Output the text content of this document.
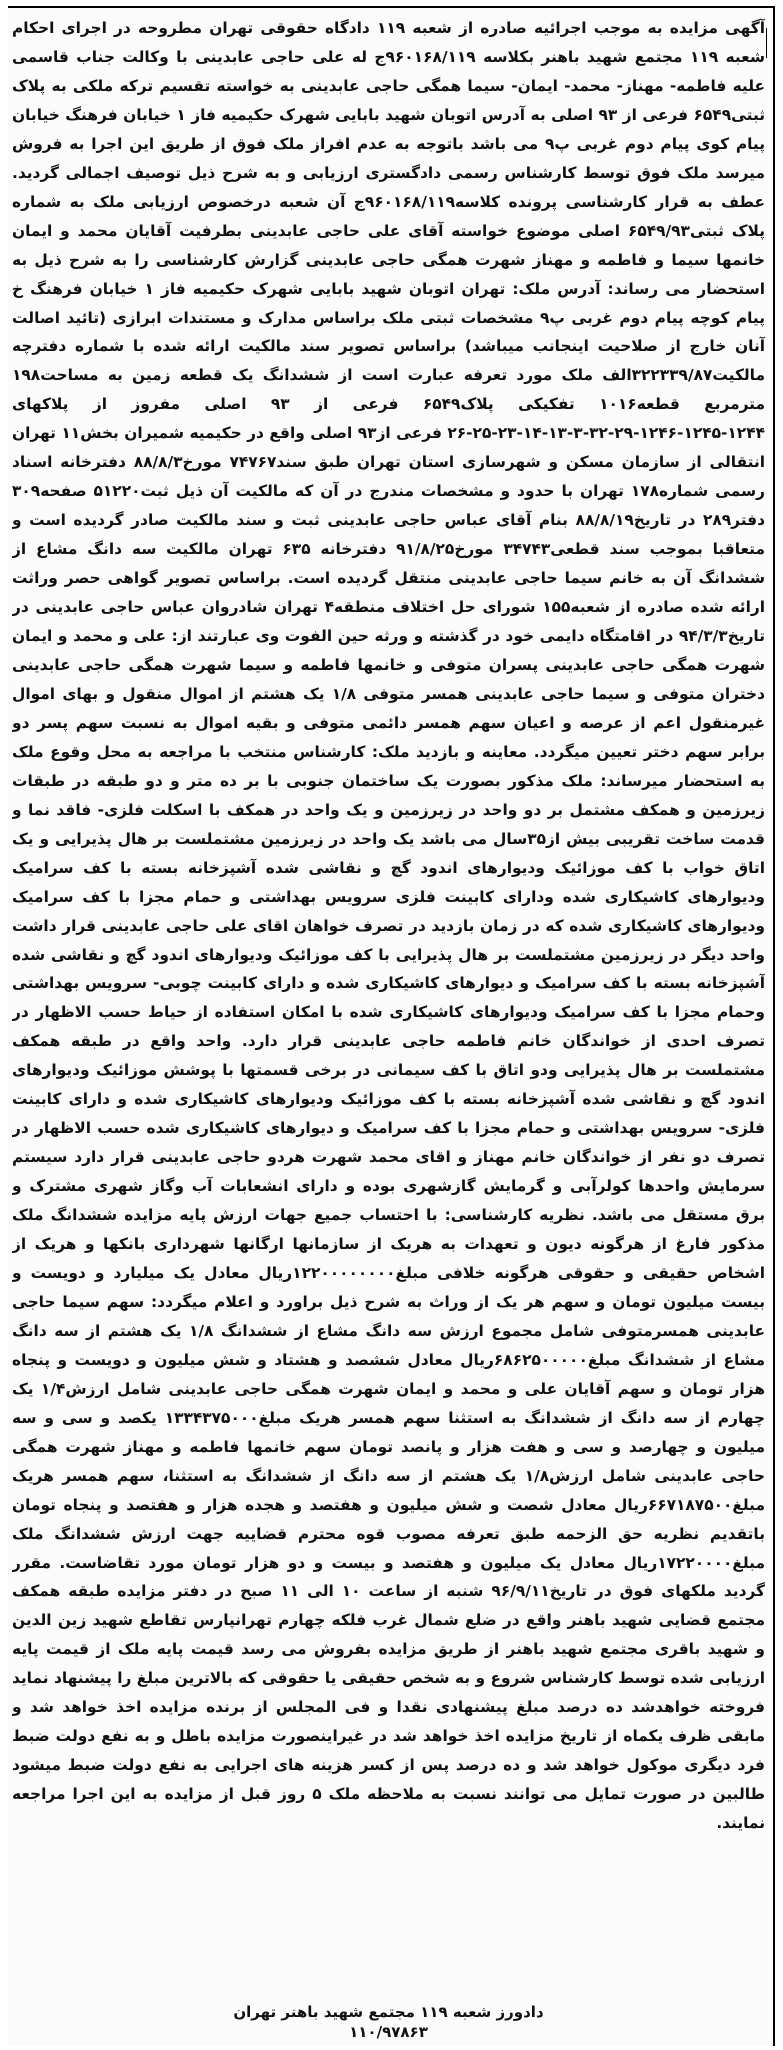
آگهی مزایده به موجب اجرائیه صادره از شعبه ۱۱۹ دادگاه حقوقی تهران مطروحه در اجرای احکام شعبه ۱۱۹ مجتمع شهید باهنر بکلاسه ۹۶۰۱۶۸/۱۱۹ج له علی حاجی عابدینی با وکالت جناب قاسمی علیه فاطمه- مهناز- محمد- ایمان- سیما همگی حاجی عابدینی به خواسته تقسیم ترکه ملکی به پلاک ثبتی۶۵۴۹ فرعی از ۹۳ اصلی به آدرس اتوبان شهید بابایی شهرک حکیمیه فاز ۱ خیابان فرهنگ خیابان پیام کوی پیام دوم غربی پ۹ می باشد باتوجه به عدم افراز ملک فوق از طریق این اجرا به فروش میرسد ملک فوق توسط کارشناس رسمی دادگستری ارزیابی و به شرح ذیل توصیف اجمالی گردید. عطف به قرار کارشناسی پرونده کلاسه۹۶۰۱۶۸/۱۱۹ج آن شعبه درخصوص ارزیابی ملک به شماره پلاک ثبتی۶۵۴۹/۹۳ اصلی موضوع خواسته آقای علی حاجی عابدینی بطرفیت آقایان محمد و ایمان خانمها سیما و فاطمه و مهناز شهرت همگی حاجی عابدینی گزارش کارشناسی را به شرح ذیل به استحضار می رساند: آدرس ملک: تهران اتوبان شهید بابایی شهرک حکیمیه فاز ۱ خیابان فرهنگ خ پیام کوچه پیام دوم غربی پ۹ مشخصات ثبتی ملک براساس مدارک و مستندات ابرازی (تائید اصالت آنان خارج از صلاحیت اینجانب میباشد) براساس تصویر سند مالکیت ارائه شده با شماره دفترچه مالکیت۳۲۲۳۳۹/۸۷الف ملک مورد تعرفه عبارت است از ششدانگ یک قطعه زمین به مساحت۱۹۸ مترمربع قطعه۱۰۱۶ تفکیکی پلاک۶۵۴۹ فرعی از ۹۳ اصلی مفروز از پلاکهای ۱۲۴۴-۱۲۴۵-۱۲۴۶-۲۹-۳۲-۳-۱۳-۱۴-۲۳-۲۵-۲۶ فرعی از۹۳ اصلی واقع در حکیمیه شمیران بخش۱۱ تهران انتقالی از سازمان مسکن و شهرسازی استان تهران طبق سند۷۴۷۶۷ مورخ۸۸/۸/۳ دفترخانه اسناد رسمی شماره۱۷۸ تهران با حدود و مشخصات مندرج در آن که مالکیت آن ذیل ثبت۵۱۲۲۰ صفحه۳۰۹ دفتر۲۸۹ در تاریخ۸۸/۸/۱۹ بنام آقای عباس حاجی عابدینی ثبت و سند مالکیت صادر گردیده است و متعاقبا بموجب سند قطعی۳۴۷۴۳ مورخ۹۱/۸/۲۵ دفترخانه ۶۳۵ تهران مالکیت سه دانگ مشاع از ششدانگ آن به خانم سیما حاجی عابدینی منتقل گردیده است. براساس تصویر گواهی حصر وراثت ارائه شده صادره از شعبه۱۵۵ شورای حل اختلاف منطقه۴ تهران شادروان عباس حاجی عابدینی در تاریخ۹۴/۳/۳ در اقامتگاه دایمی خود در گذشته و ورثه حین الفوت وی عبارتند از: علی و محمد و ایمان شهرت همگی حاجی عابدینی پسران متوفی و خانمها فاطمه و سیما شهرت همگی حاجی عابدینی دختران متوفی و سیما حاجی عابدینی همسر متوفی ۱/۸ یک هشتم از اموال منقول و بهای اموال غیرمنقول اعم از عرصه و اعیان سهم همسر دائمی متوفی و بقیه اموال به نسبت سهم پسر دو برابر سهم دختر تعیین میگردد. معاینه و بازدید ملک: کارشناس منتخب با مراجعه به محل وقوع ملک به استحضار میرساند: ملک مذکور بصورت یک ساختمان جنوبی با بر ده متر و دو طبقه در طبقات زیرزمین و همکف مشتمل بر دو واحد در زیرزمین و یک واحد در همکف با اسکلت فلزی- فاقد نما و قدمت ساخت تقریبی بیش از۳۵سال می باشد یک واحد در زیرزمین مشتملست بر هال پذیرایی و یک اتاق خواب با کف موزائیک ودیوارهای اندود گچ و نقاشی شده آشپزخانه بسته با کف سرامیک ودیوارهای کاشیکاری شده ودارای کابینت فلزی سرویس بهداشتی و حمام مجزا با کف سرامیک ودیوارهای کاشیکاری شده که در زمان بازدید در تصرف خواهان اقای علی حاجی عابدینی قرار داشت واحد دیگر در زیرزمین مشتملست بر هال پذیرایی با کف موزائیک ودیوارهای اندود گچ و نقاشی شده آشپزخانه بسته با کف سرامیک و دیوارهای کاشیکاری شده و دارای کابینت چوبی- سرویس بهداشتی وحمام مجزا با کف سرامیک ودیوارهای کاشیکاری شده با امکان استفاده از حیاط حسب الاظهار در تصرف احدی از خواندگان خانم فاطمه حاجی عابدینی قرار دارد. واحد واقع در طبقه همکف مشتملست بر هال پذیرایی ودو اتاق با کف سیمانی در برخی قسمتها با پوشش موزائیک ودیوارهای اندود گچ و نقاشی شده آشپزخانه بسته با کف موزائیک ودیوارهای کاشیکاری شده و دارای کابینت فلزی- سرویس بهداشتی و حمام مجزا با کف سرامیک و دیوارهای کاشیکاری شده حسب الاظهار در تصرف دو نفر از خواندگان خانم مهناز و اقای محمد شهرت هردو حاجی عابدینی قرار دارد سیستم سرمایش واحدها کولرآبی و گرمایش گازشهری بوده و دارای انشعابات آب وگاز شهری مشترک و برق مستقل می باشد. نظریه کارشناسی: با احتساب جمیع جهات ارزش پایه مزایده ششدانگ ملک مذکور فارغ از هرگونه دیون و تعهدات به هریک از سازمانها ارگانها شهرداری بانکها و هریک از اشخاص حقیقی و حقوقی هرگونه خلافی مبلغ۱۲۲۰۰۰۰۰۰۰۰ریال معادل یک میلیارد و دویست و بیست میلیون تومان و سهم هر یک از وراث به شرح ذیل براورد و اعلام میگردد: سهم سیما حاجی عابدینی همسرمتوفی شامل مجموع ارزش سه دانگ مشاع از ششدانگ ۱/۸ یک هشتم از سه دانگ مشاع از ششدانگ مبلغ۶۸۶۲۵۰۰۰۰۰ریال معادل ششصد و هشتاد و شش میلیون و دویست و پنجاه هزار تومان و سهم آقایان علی و محمد و ایمان شهرت همگی حاجی عابدینی شامل ارزش۱/۴ یک چهارم از سه دانگ از ششدانگ به استثنا سهم همسر هریک مبلغ۱۳۳۴۳۷۵۰۰۰ یکصد و سی و سه میلیون و چهارصد و سی و هفت هزار و پانصد تومان سهم خانمها فاطمه و مهناز شهرت همگی حاجی عابدینی شامل ارزش۱/۸ یک هشتم از سه دانگ از ششدانگ به استثنا، سهم همسر هریک مبلغ۶۶۷۱۸۷۵۰۰ریال معادل شصت و شش میلیون و هفتصد و هجده هزار و هفتصد و پنجاه تومان باتقدیم نظریه حق الزحمه طبق تعرفه مصوب قوه محترم قضاییه جهت ارزش ششدانگ ملک مبلغ۱۷۲۲۰۰۰۰ریال معادل یک میلیون و هفتصد و بیست و دو هزار تومان مورد تقاضاست. مقرر گردید ملکهای فوق در تاریخ۹۶/۹/۱۱ شنبه از ساعت ۱۰ الی ۱۱ صبح در دفتر مزایده طبقه همکف مجتمع قضایی شهید باهنر واقع در ضلع شمال غرب فلکه چهارم تهرانپارس تقاطع شهید زین الدین و شهید باقری مجتمع شهید باهنر از طریق مزایده بفروش می رسد قیمت پایه ملک از قیمت پایه ارزیابی شده توسط کارشناس شروع و به شخص حقیقی یا حقوقی که بالاترین مبلغ را پیشنهاد نماید فروخته خواهدشد ده درصد مبلغ پیشنهادی نقدا و فی المجلس از برنده مزایده اخذ خواهد شد و مابقی ظرف یکماه از تاریخ مزایده اخذ خواهد شد در غیراینصورت مزایده باطل و به نفع دولت ضبط فرد دیگری موکول خواهد شد و ده درصد پس از کسر هزینه های اجرایی به نفع دولت ضبط میشود طالبین در صورت تمایل می توانند نسبت به ملاحظه ملک ۵ روز قبل از مزایده به این اجرا مراجعه نمایند.

دادورز شعبه ۱۱۹ مجتمع شهید باهنر تهران
۱۱۰/۹۷۸۶۳
